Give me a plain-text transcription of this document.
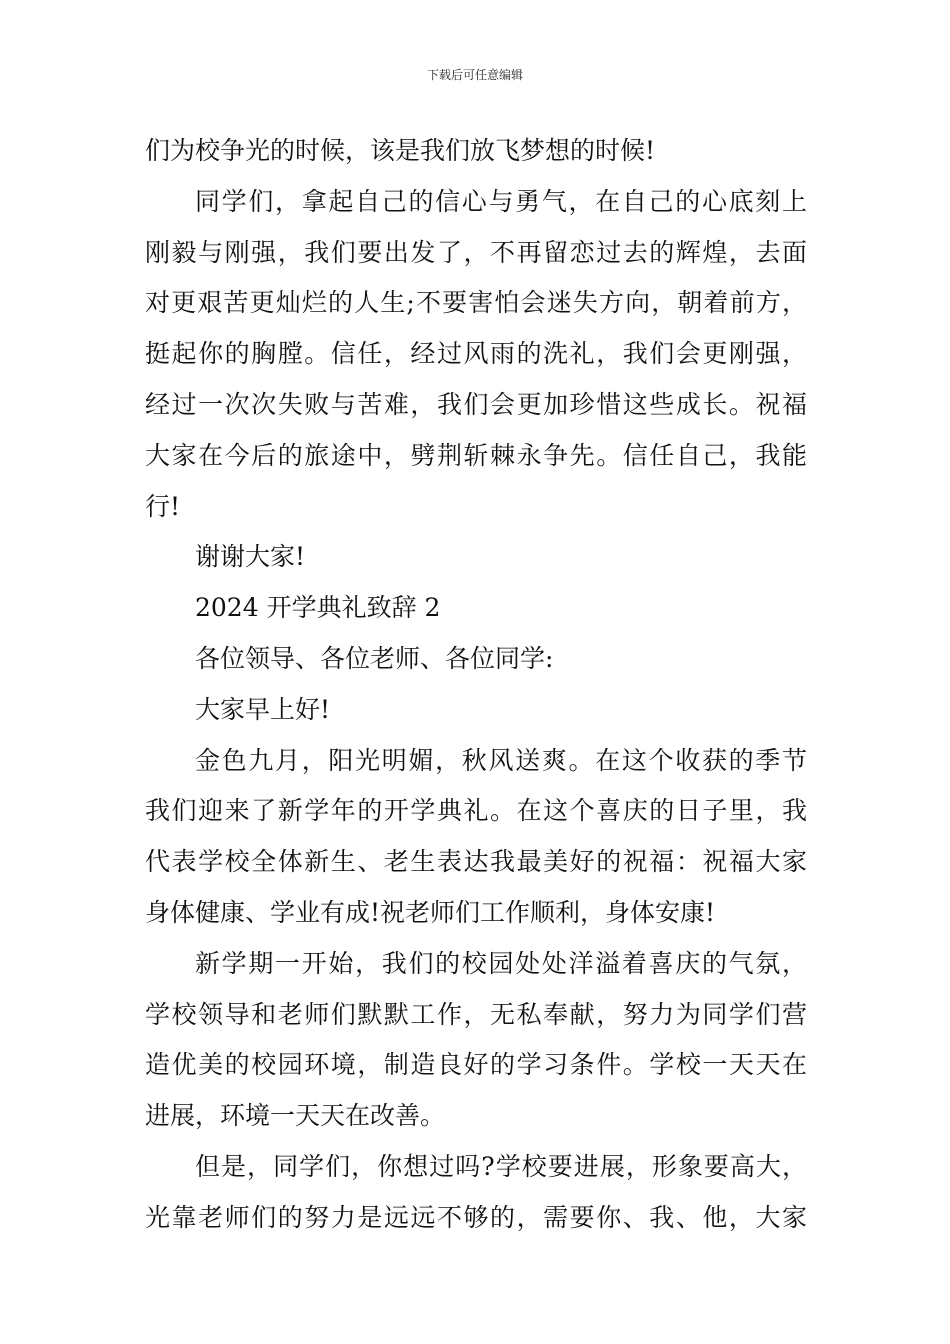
下载后可任意编辑
们为校争光的时候，该是我们放飞梦想的时候!
同学们，拿起自己的信心与勇气，在自己的心底刻上
刚毅与刚强，我们要出发了，不再留恋过去的辉煌，去面
对更艰苦更灿烂的人生;不要害怕会迷失方向，朝着前方，
挺起你的胸膛。信任，经过风雨的洗礼，我们会更刚强，
经过一次次失败与苦难，我们会更加珍惜这些成长。祝福
大家在今后的旅途中，劈荆斩棘永争先。信任自己，我能
行!
谢谢大家!
2024 开学典礼致辞 2
各位领导、各位老师、各位同学:
大家早上好!
金色九月，阳光明媚，秋风送爽。在这个收获的季节
我们迎来了新学年的开学典礼。在这个喜庆的日子里，我
代表学校全体新生、老生表达我最美好的祝福：祝福大家
身体健康、学业有成!祝老师们工作顺利，身体安康!
新学期一开始，我们的校园处处洋溢着喜庆的气氛，
学校领导和老师们默默工作，无私奉献，努力为同学们营
造优美的校园环境，制造良好的学习条件。学校一天天在
进展，环境一天天在改善。
但是，同学们，你想过吗?学校要进展，形象要高大，
光靠老师们的努力是远远不够的，需要你、我、他，大家
